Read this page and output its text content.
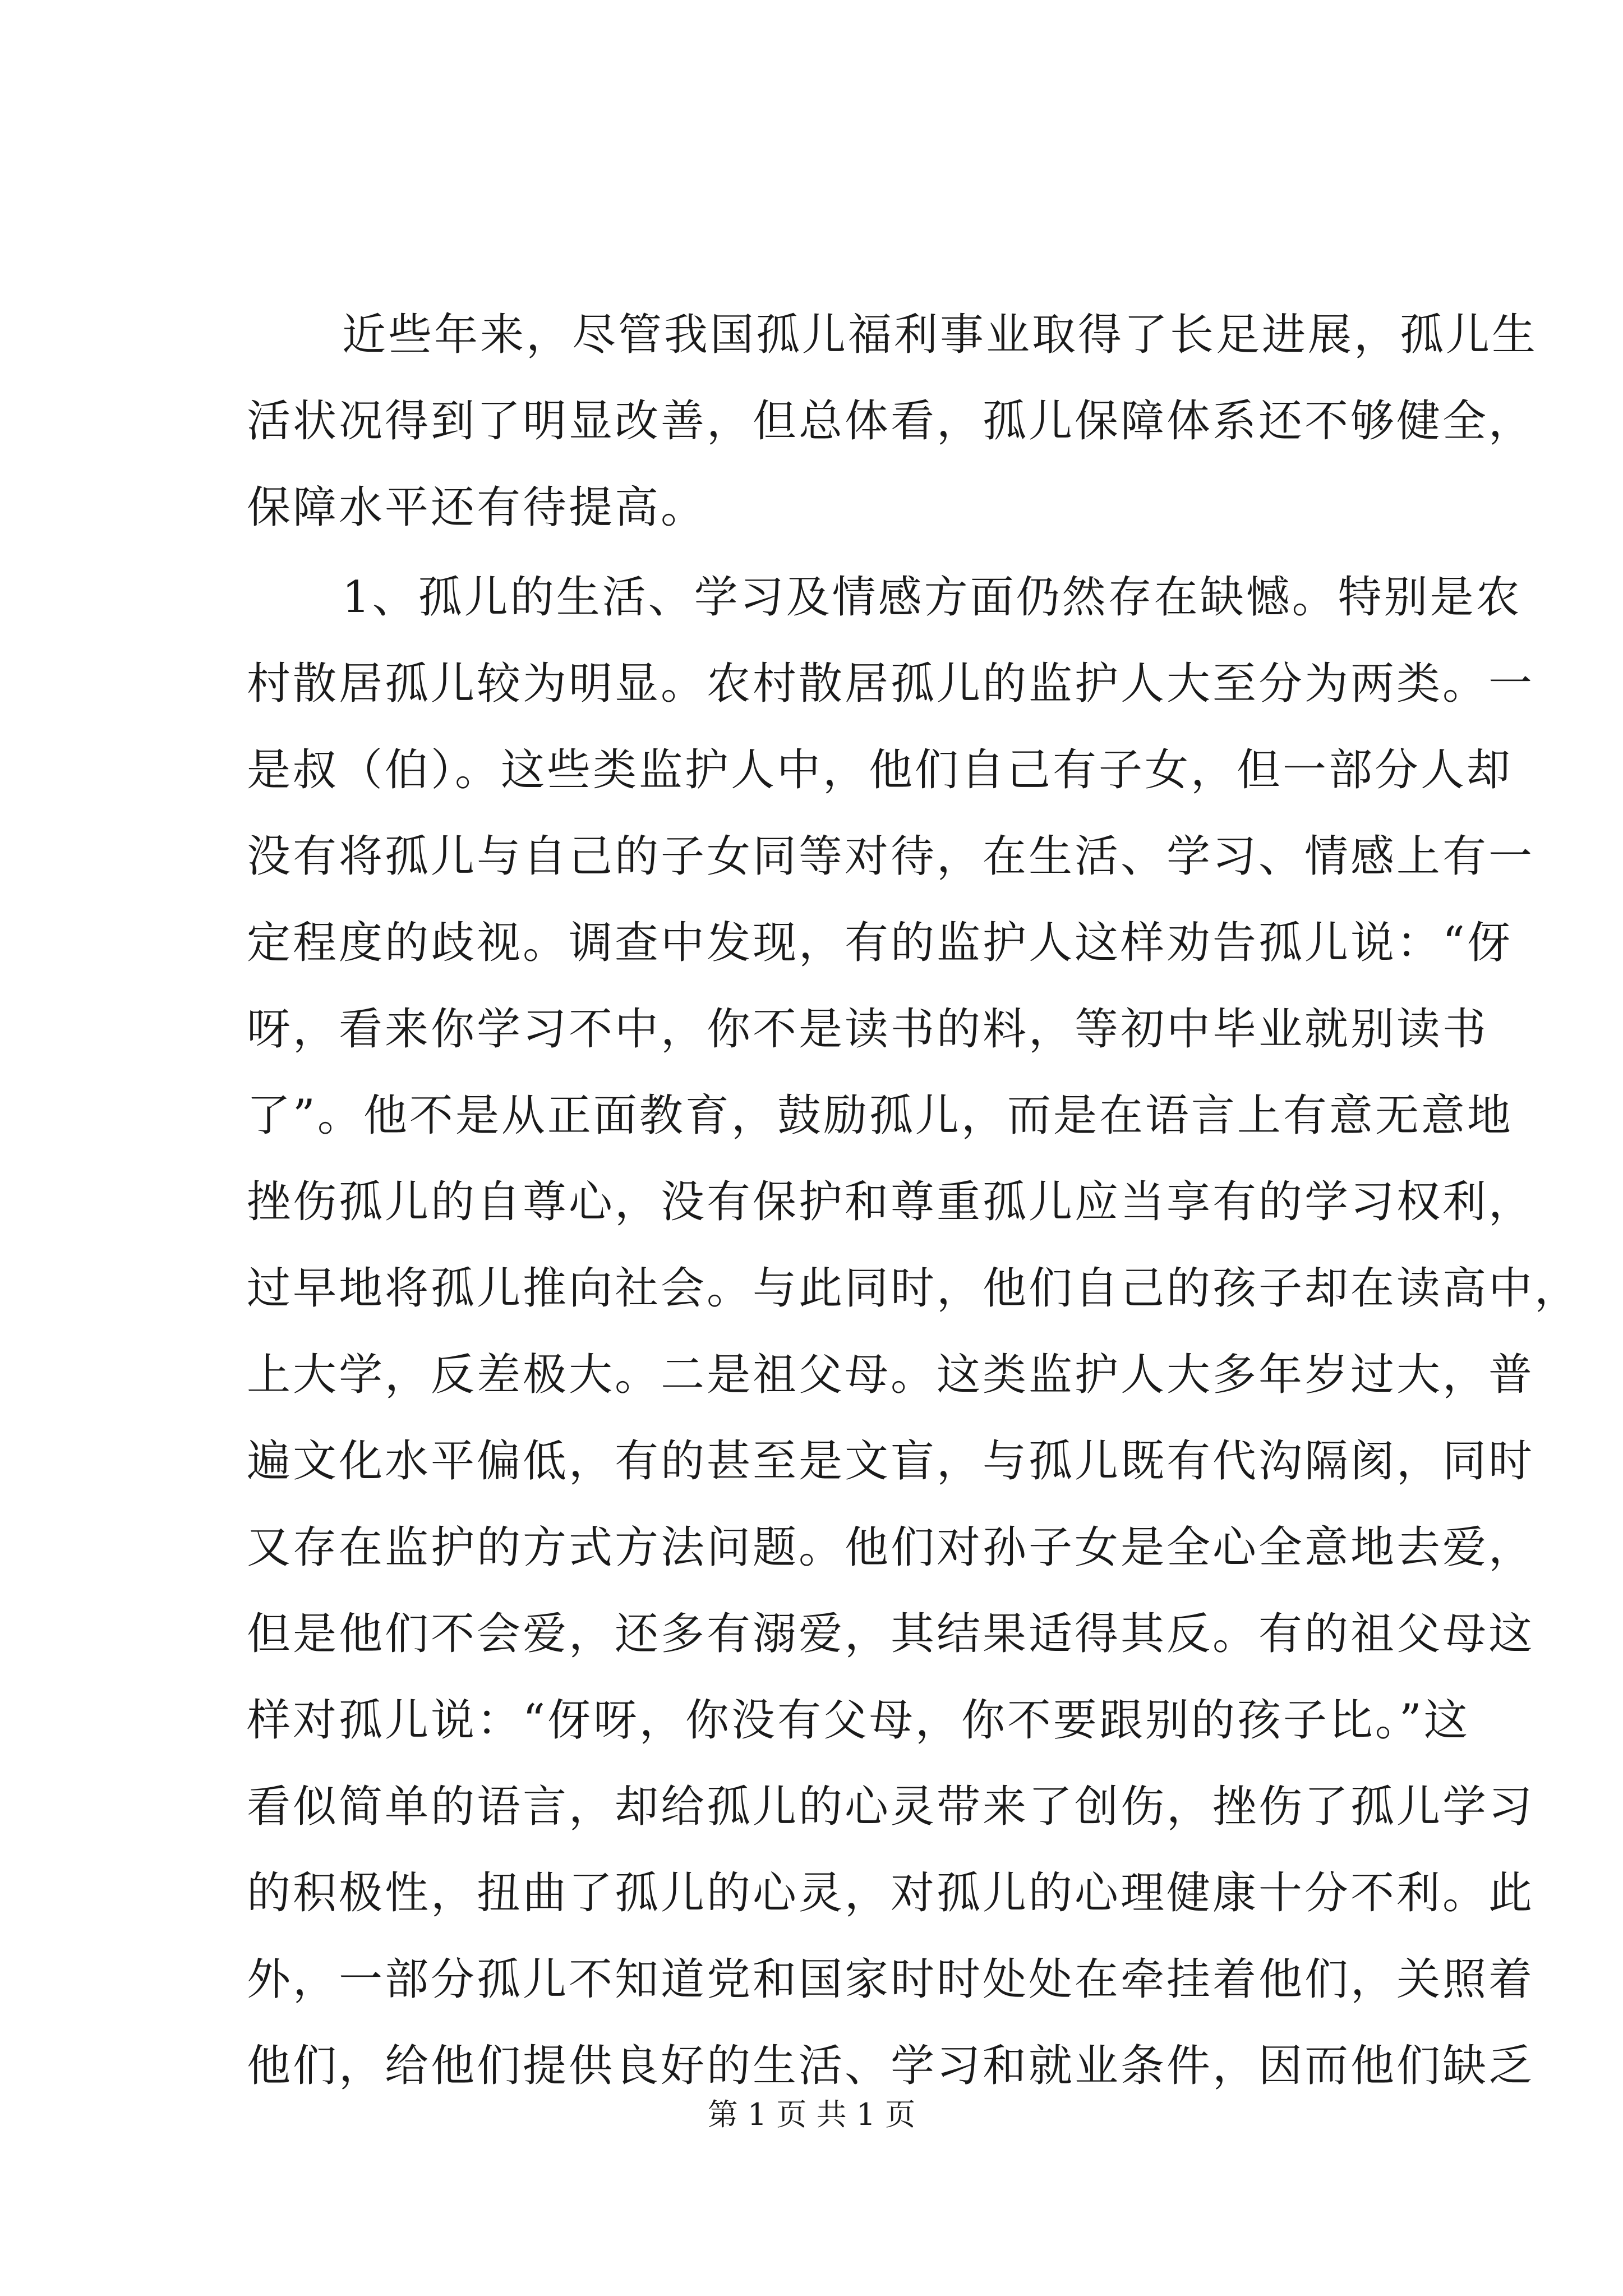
近些年来，尽管我国孤儿福利事业取得了长足进展，孤儿生
活状况得到了明显改善，但总体看，孤儿保障体系还不够健全，
保障水平还有待提高。
1、孤儿的生活、学习及情感方面仍然存在缺憾。特别是农
村散居孤儿较为明显。农村散居孤儿的监护人大至分为两类。一
是叔（伯）。这些类监护人中，他们自己有子女，但一部分人却
没有将孤儿与自己的子女同等对待，在生活、学习、情感上有一
定程度的歧视。调查中发现，有的监护人这样劝告孤儿说：“伢
呀，看来你学习不中，你不是读书的料，等初中毕业就别读书
了”。他不是从正面教育，鼓励孤儿，而是在语言上有意无意地
挫伤孤儿的自尊心，没有保护和尊重孤儿应当享有的学习权利，
过早地将孤儿推向社会。与此同时，他们自己的孩子却在读高中，
上大学，反差极大。二是祖父母。这类监护人大多年岁过大，普
遍文化水平偏低，有的甚至是文盲，与孤儿既有代沟隔阂，同时
又存在监护的方式方法问题。他们对孙子女是全心全意地去爱，
但是他们不会爱，还多有溺爱，其结果适得其反。有的祖父母这
样对孤儿说：“伢呀，你没有父母，你不要跟别的孩子比。”这
看似简单的语言，却给孤儿的心灵带来了创伤，挫伤了孤儿学习
的积极性，扭曲了孤儿的心灵，对孤儿的心理健康十分不利。此
外，一部分孤儿不知道党和国家时时处处在牵挂着他们，关照着
他们，给他们提供良好的生活、学习和就业条件，因而他们缺乏
第 1 页 共 1 页
